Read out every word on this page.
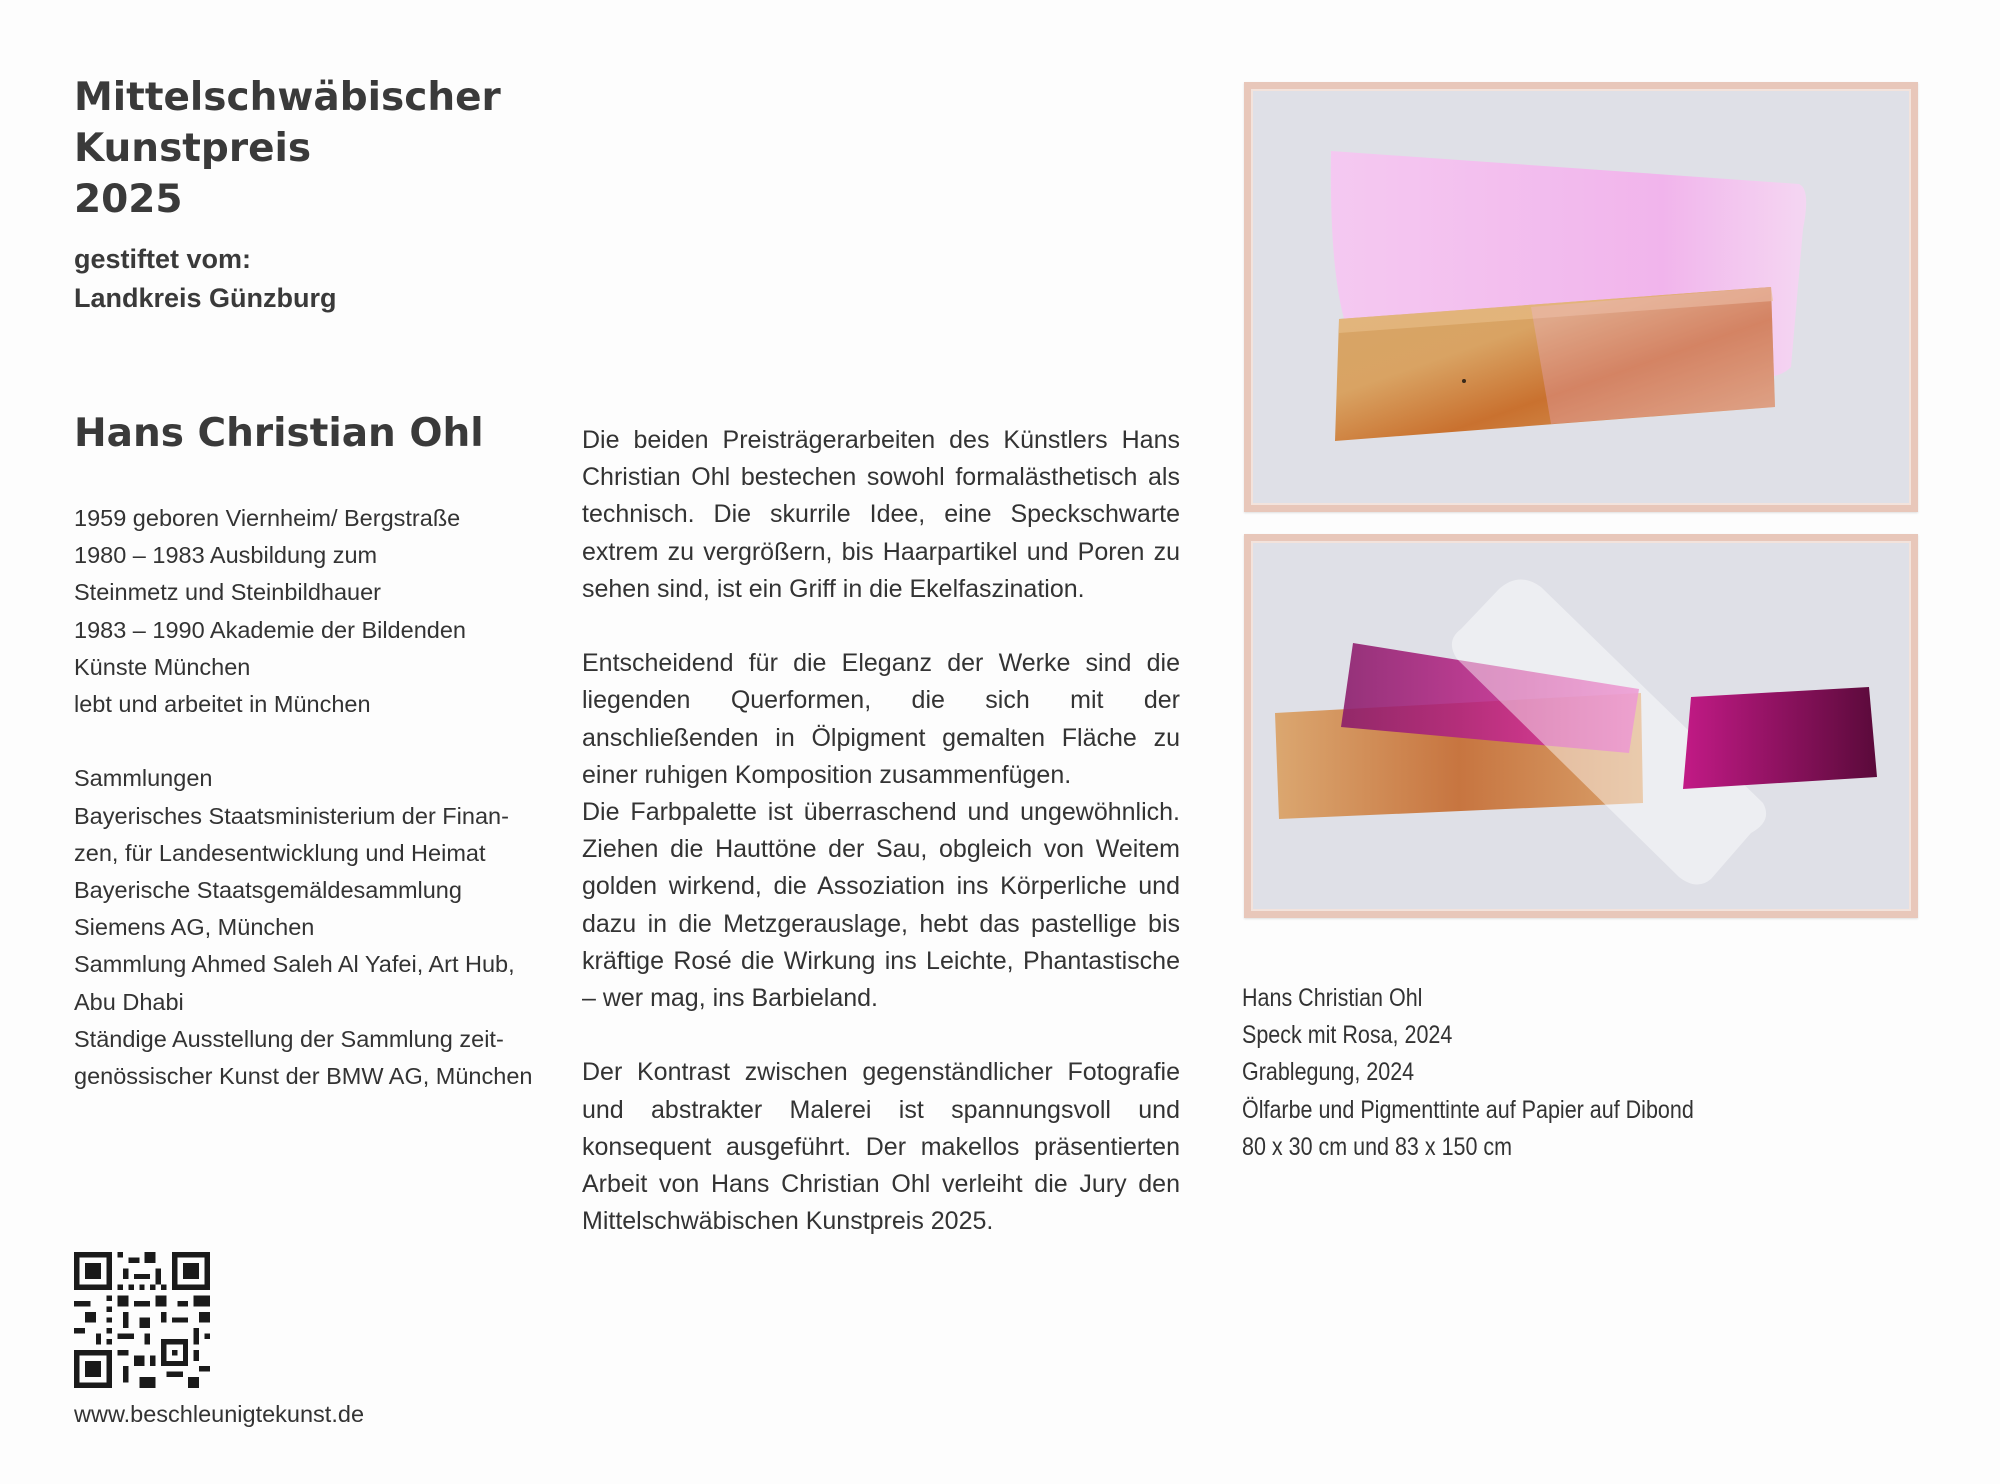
Mittelschwäbischer
Kunstpreis
2025
gestiftet vom:
Landkreis Günzburg
Hans Christian Ohl
1959 geboren Viernheim/ Bergstraße
1980 – 1983 Ausbildung zum
Steinmetz und Steinbildhauer
1983 – 1990 Akademie der Bildenden
Künste München
lebt und arbeitet in München
Sammlungen
Bayerisches Staatsministerium der Finan-
zen, für Landesentwicklung und Heimat
Bayerische Staatsgemäldesammlung
Siemens AG, München
Sammlung Ahmed Saleh Al Yafei, Art Hub,
Abu Dhabi
Ständige Ausstellung der Sammlung zeit-
genössischer Kunst der BMW AG, München

Die beiden Preisträgerarbeiten des Künstlers Hans Christian Ohl bestechen sowohl formalästhetisch als technisch. Die skurrile Idee, eine Speckschwarte extrem zu vergrößern, bis Haarpartikel und Poren zu sehen sind, ist ein Griff in die Ekelfaszination.

Entscheidend für die Eleganz der Werke sind die liegenden Querformen, die sich mit der anschließenden in Ölpigment gemalten Fläche zu einer ruhigen Komposition zusammenfügen.

Die Farbpalette ist überraschend und ungewöhnlich. Ziehen die Hauttöne der Sau, obgleich von Weitem golden wirkend, die Assoziation ins Körperliche und dazu in die Metzgerauslage, hebt das pastellige bis kräftige Rosé die Wirkung ins Leichte, Phantastische – wer mag, ins Barbieland.

Der Kontrast zwischen gegenständlicher Fotografie und abstrakter Malerei ist spannungsvoll und konsequent ausgeführt. Der makellos präsentierten Arbeit von Hans Christian Ohl verleiht die Jury den Mittelschwäbischen Kunstpreis 2025.

Hans Christian Ohl
Speck mit Rosa, 2024
Grablegung, 2024
Ölfarbe und Pigmenttinte auf Papier auf Dibond
80 x 30 cm und 83 x 150 cm
www.beschleunigtekunst.de
